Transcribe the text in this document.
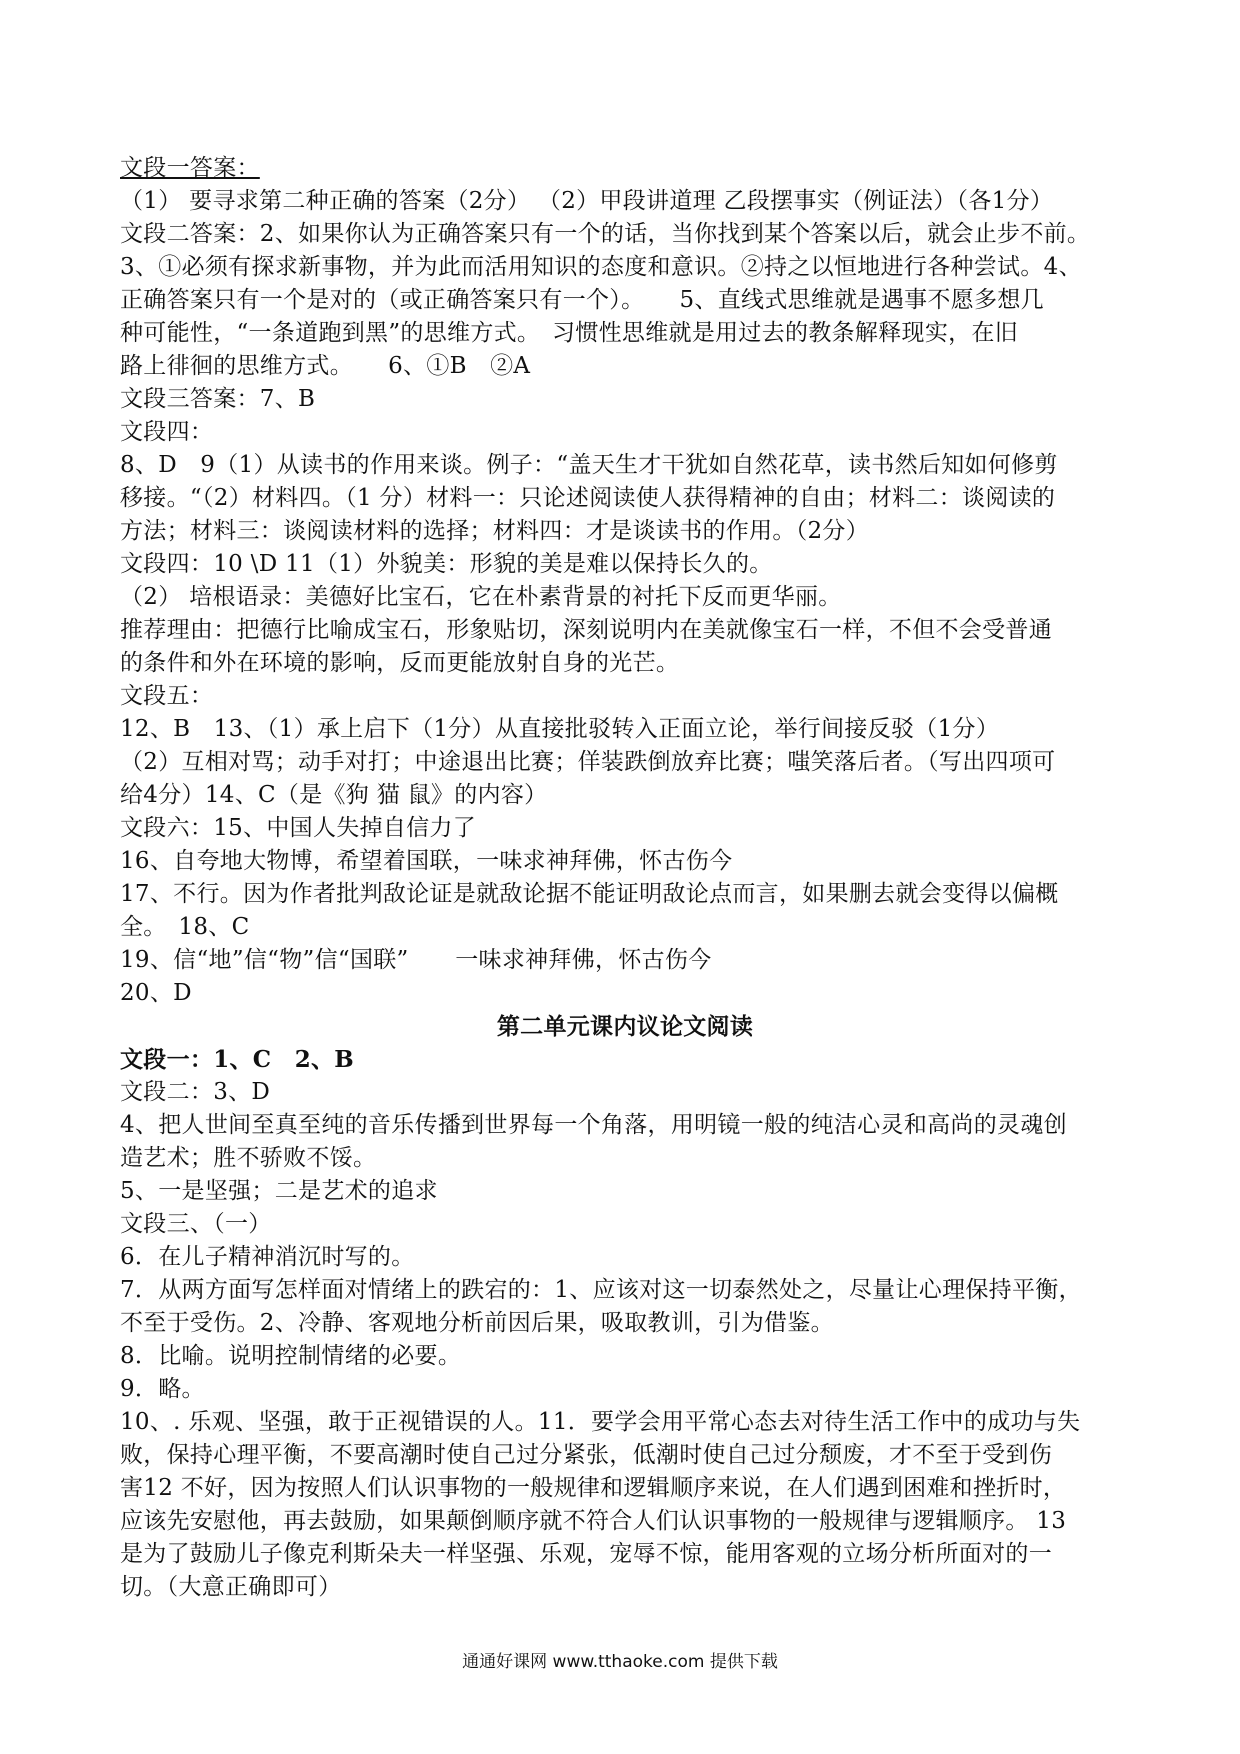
文段一答案：
（1） 要寻求第二种正确的答案（2分） （2）甲段讲道理 乙段摆事实（例证法）（各1分）
文段二答案：2、如果你认为正确答案只有一个的话，当你找到某个答案以后，就会止步不前。
3、①必须有探求新事物，并为此而活用知识的态度和意识。②持之以恒地进行各种尝试。4、
正确答案只有一个是对的（或正确答案只有一个）。　　5、直线式思维就是遇事不愿多想几
种可能性，“一条道跑到黑”的思维方式。　习惯性思维就是用过去的教条解释现实，在旧
路上徘徊的思维方式。　　6、①B　②A
文段三答案：7、B
文段四：
8、D　9（1）从读书的作用来谈。例子：“盖天生才干犹如自然花草，读书然后知如何修剪
移接。“（2）材料四。（1 分）材料一：只论述阅读使人获得精神的自由；材料二：谈阅读的
方法；材料三：谈阅读材料的选择；材料四：才是谈读书的作用。（2分）
文段四：10 \D 11（1）外貌美：形貌的美是难以保持长久的。
（2） 培根语录：美德好比宝石，它在朴素背景的衬托下反而更华丽。
推荐理由：把德行比喻成宝石，形象贴切，深刻说明内在美就像宝石一样，不但不会受普通
的条件和外在环境的影响，反而更能放射自身的光芒。
文段五：
12、B　13、（1）承上启下（1分）从直接批驳转入正面立论，举行间接反驳（1分）
（2）互相对骂；动手对打；中途退出比赛；佯装跌倒放弃比赛；嗤笑落后者。（写出四项可
给4分）14、C（是《狗 猫 鼠》的内容）
文段六：15、中国人失掉自信力了
16、自夸地大物博，希望着国联，一味求神拜佛，怀古伤今
17、不行。因为作者批判敌论证是就敌论据不能证明敌论点而言，如果删去就会变得以偏概
全。　18、C
19、信“地”信“物”信“国联”　　一味求神拜佛，怀古伤今
20、D
第二单元课内议论文阅读
文段一：1、C　2、B
文段二：3、D
4、把人世间至真至纯的音乐传播到世界每一个角落，用明镜一般的纯洁心灵和高尚的灵魂创
造艺术；胜不骄败不馁。
5、一是坚强；二是艺术的追求
文段三、（一）
6．在儿子精神消沉时写的。
7．从两方面写怎样面对情绪上的跌宕的：1、应该对这一切泰然处之，尽量让心理保持平衡，
不至于受伤。2、冷静、客观地分析前因后果，吸取教训，引为借鉴。
8．比喻。说明控制情绪的必要。
9．略。
10、. 乐观、坚强，敢于正视错误的人。11．要学会用平常心态去对待生活工作中的成功与失
败，保持心理平衡，不要高潮时使自己过分紧张，低潮时使自己过分颓废，才不至于受到伤
害12 不好，因为按照人们认识事物的一般规律和逻辑顺序来说，在人们遇到困难和挫折时，
应该先安慰他，再去鼓励，如果颠倒顺序就不符合人们认识事物的一般规律与逻辑顺序。 13
是为了鼓励儿子像克利斯朵夫一样坚强、乐观，宠辱不惊，能用客观的立场分析所面对的一
切。（大意正确即可）
通通好课网 www.tthaoke.com 提供下载
